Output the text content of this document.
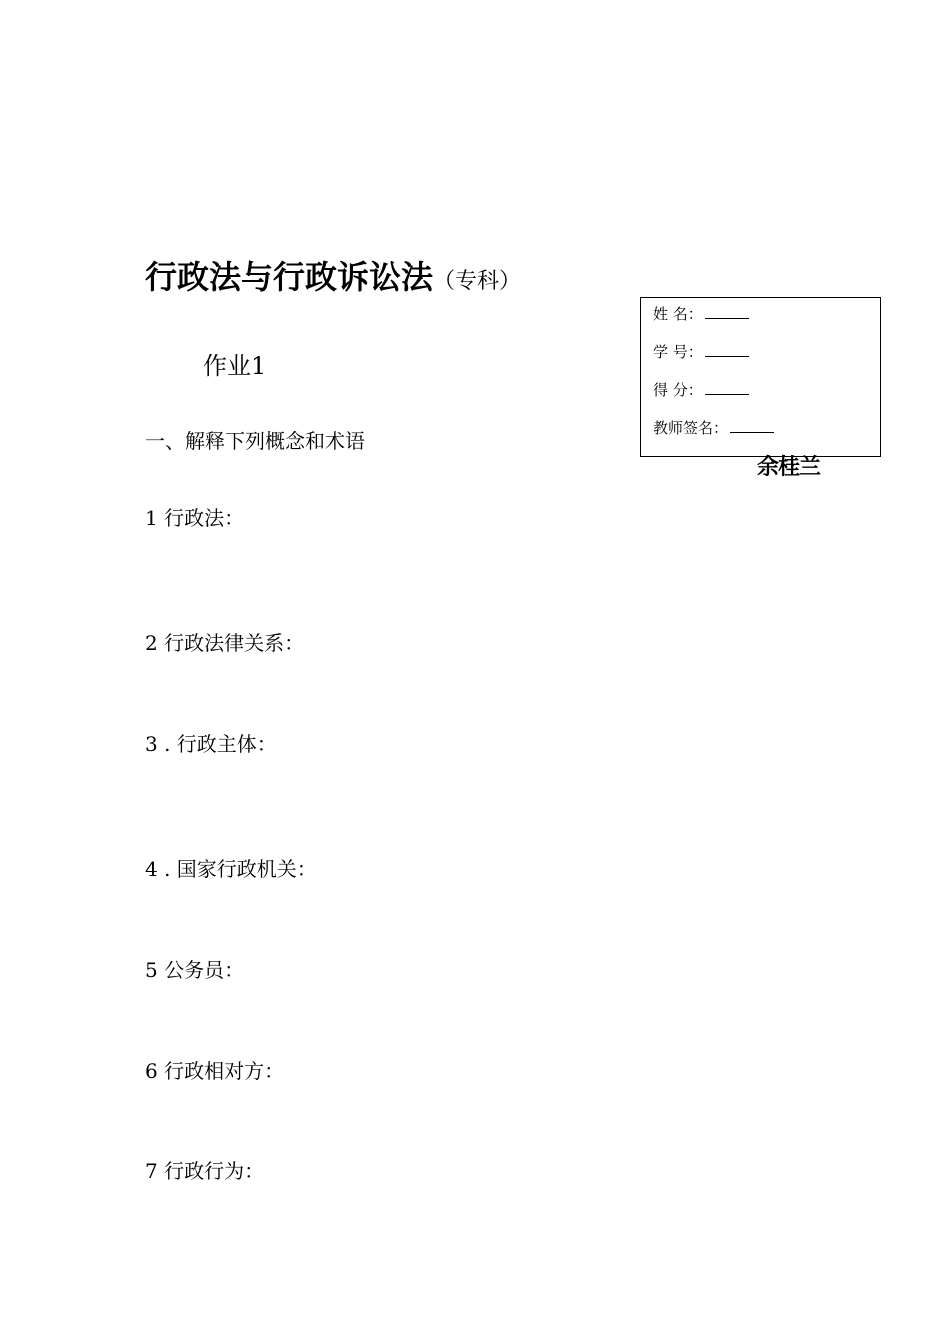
行政法与行政诉讼法（专科）
作业1
一、解释下列概念和术语
1 行政法：
2 行政法律关系：
3 . 行政主体：
4 . 国家行政机关：
5 公务员：
6 行政相对方：
7 行政行为：
姓 名：
学 号：
得 分：
教师签名：
余桂兰
